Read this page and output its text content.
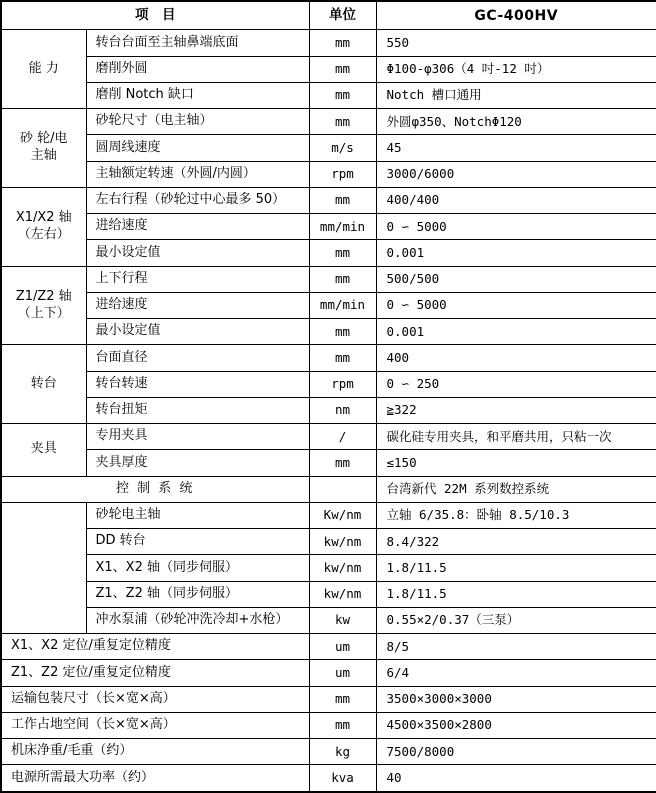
项　目		单位	GC-400HV

能 力	转台台面至主轴鼻端底面	mm	550
	磨削外圆	mm	Φ100-φ306（4 吋-12 吋）
	磨削 Notch 缺口	mm	Notch 槽口通用

砂 轮/电
主轴	砂轮尺寸（电主轴）	mm	外圆φ350、NotchΦ120
	圆周线速度	m/s	45
	主轴额定转速（外圆/内圆）	rpm	3000/6000

X1/X2 轴
（左右）	左右行程（砂轮过中心最多 50）	mm	400/400
	进给速度	mm/min	0 ∽ 5000
	最小设定值	mm	0.001

Z1/Z2 轴
（上下）	上下行程	mm	500/500
	进给速度	mm/min	0 ∽ 5000
	最小设定值	mm	0.001

转台	台面直径	mm	400
	转台转速	rpm	0 ∽ 250
	转台扭矩	nm	≧322

夹具	专用夹具	/	碳化硅专用夹具，和平磨共用，只粘一次
	夹具厚度	mm	≤150
控 制 系 统			台湾新代 22M 系列数控系统
	砂轮电主轴	Kw/nm	立轴 6/35.8：卧轴 8.5/10.3
	DD 转台	kw/nm	8.4/322
	X1、X2 轴（同步伺服）	kw/nm	1.8/11.5
	Z1、Z2 轴（同步伺服）	kw/nm	1.8/11.5
	冲水泵浦（砂轮冲洗冷却+水枪）	kw	0.55×2/0.37（三泵）
X1、X2 定位/重复定位精度		um	8/5
Z1、Z2 定位/重复定位精度		um	6/4
运输包装尺寸（长×宽×高）		mm	3500×3000×3000
工作占地空间（长×宽×高）		mm	4500×3500×2800
机床净重/毛重（约）		kg	7500/8000
电源所需最大功率（约）		kva	40
